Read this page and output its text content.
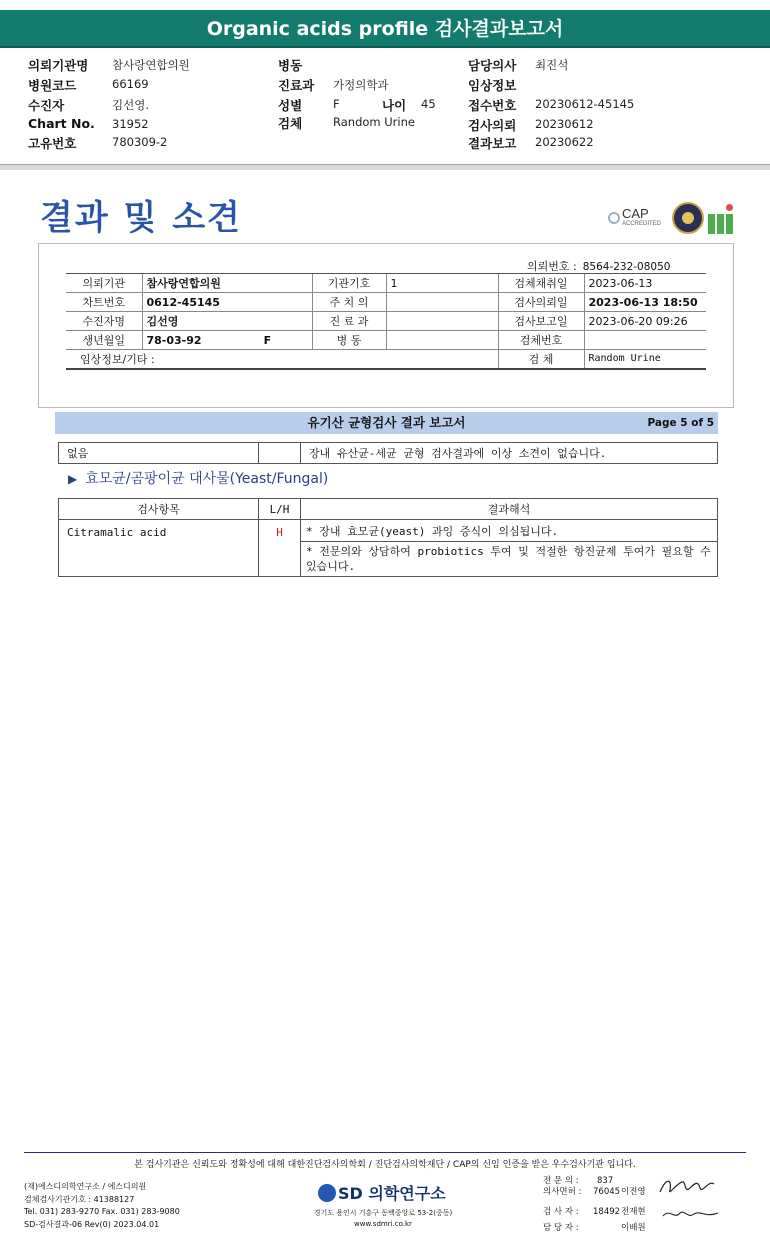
Organic acids profile 검사결과보고서
의뢰기관명 참사랑연합의원
병원코드	66169
수진자	김선영.
Chart No. 31952
고유번호	780309-2
병동
진료과 가정의학과
성별	F
검체	Random Urine
나이 45
담당의사 최진석
임상정보
접수번호 20230612-45145
검사의뢰 20230612
결과보고 20230622
결과 및 소견	CAP
ACCREDITED
의뢰번호 : 8564-232-08050
의뢰기관	참사랑연합의원	기관기호	1	검체채취일	2023-06-13
차트번호	0612-45145	주 치 의		검사의뢰일	2023-06-13 18:50
수진자명	김선영	진 료 과		검사보고일	2023-06-20 09:26
생년월일	78-03-92 F	병 동		검체번호	
임상정보/기타 :				검 체	Random Urine
유기산 균형검사 결과 보고서	Page 5 of 5
없음		장내 유산균-세균 균형 검사결과에 이상 소견이 없습니다.
▶ 효모균/곰팡이균 대사물(Yeast/Fungal)
검사항목	L/H	결과해석
Citramalic acid	H	* 장내 효모균(yeast) 과잉 증식이 의심됩니다.
		* 전문의와 상담하여 probiotics 투여 및 적절한 항진균제 투여가 필요할 수 있습니다.
본 검사기관은 신뢰도와 정확성에 대해 대한진단검사의학회 / 진단검사의학재단 / CAP의 신임 인증을 받은 우수검사기관 입니다.
(재)에스디의학연구소 / 에스디의원
검체검사기관기호 : 41388127
Tel. 031) 283-9270 Fax. 031) 283-9080
SD-검사결과-06 Rev(0) 2023.04.01
SD 의학연구소
경기도 용인시 기흥구 동백중앙로 53-2(중동)
www.sdmri.co.kr
전 문 의 : 837
의사면허 : 76045 이진영
검 사 자 : 18492 전재현
담 당 자 :	이배원
